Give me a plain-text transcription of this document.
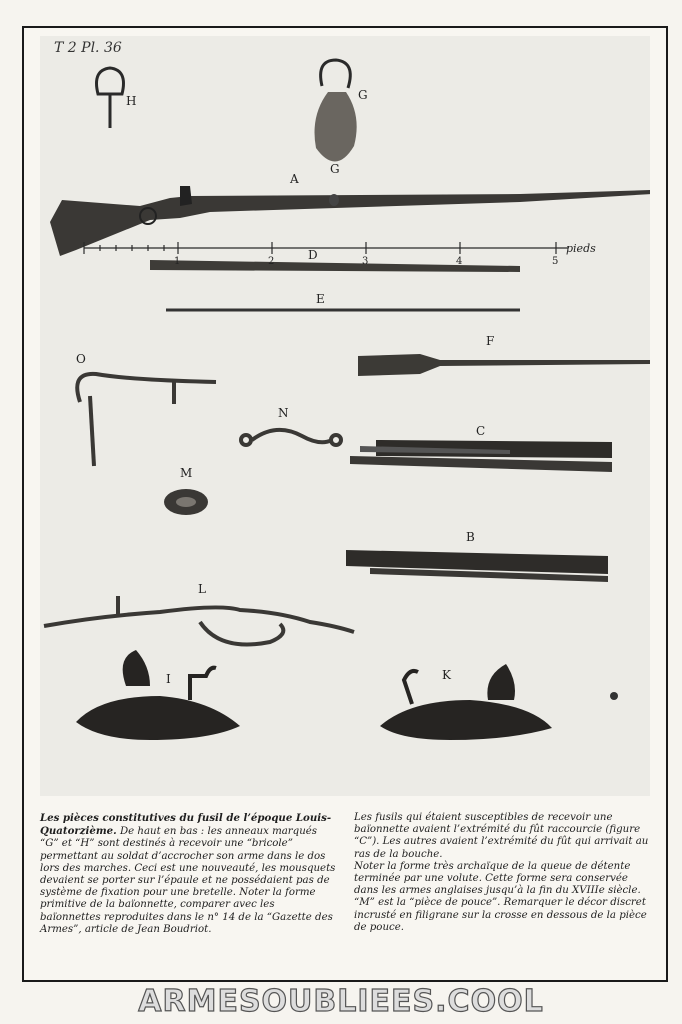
T 2 Pl. 36
H	G
A
G
1	2	3	4	5
pieds
D
E
F
O
N
C
M
B
L
I	K

Les pièces constitutives du fusil de l’époque Louis-Quatorzième. De haut en bas : les anneaux marqués “G” et “H” sont destinés à recevoir une “bricole” permettant au soldat d’accrocher son arme dans le dos lors des marches. Ceci est une nouveauté, les mousquets devaient se porter sur l’épaule et ne possédaient pas de système de fixation pour une bretelle. Noter la forme primitive de la baïonnette, comparer avec les baïonnettes reproduites dans le n° 14 de la “Gazette des Armes”, article de Jean Boudriot.

Les fusils qui étaient susceptibles de recevoir une baïonnette avaient l’extrémité du fût raccourcie (figure “C”). Les autres avaient l’extrémité du fût qui arrivait au ras de la bouche.

Noter la forme très archaïque de la queue de détente terminée par une volute. Cette forme sera conservée dans les armes anglaises jusqu’à la fin du XVIIIe siècle.

“M” est la “pièce de pouce”. Remarquer le décor discret incrusté en filigrane sur la crosse en dessous de la pièce de pouce.

ARMESOUBLIEES.COOL
